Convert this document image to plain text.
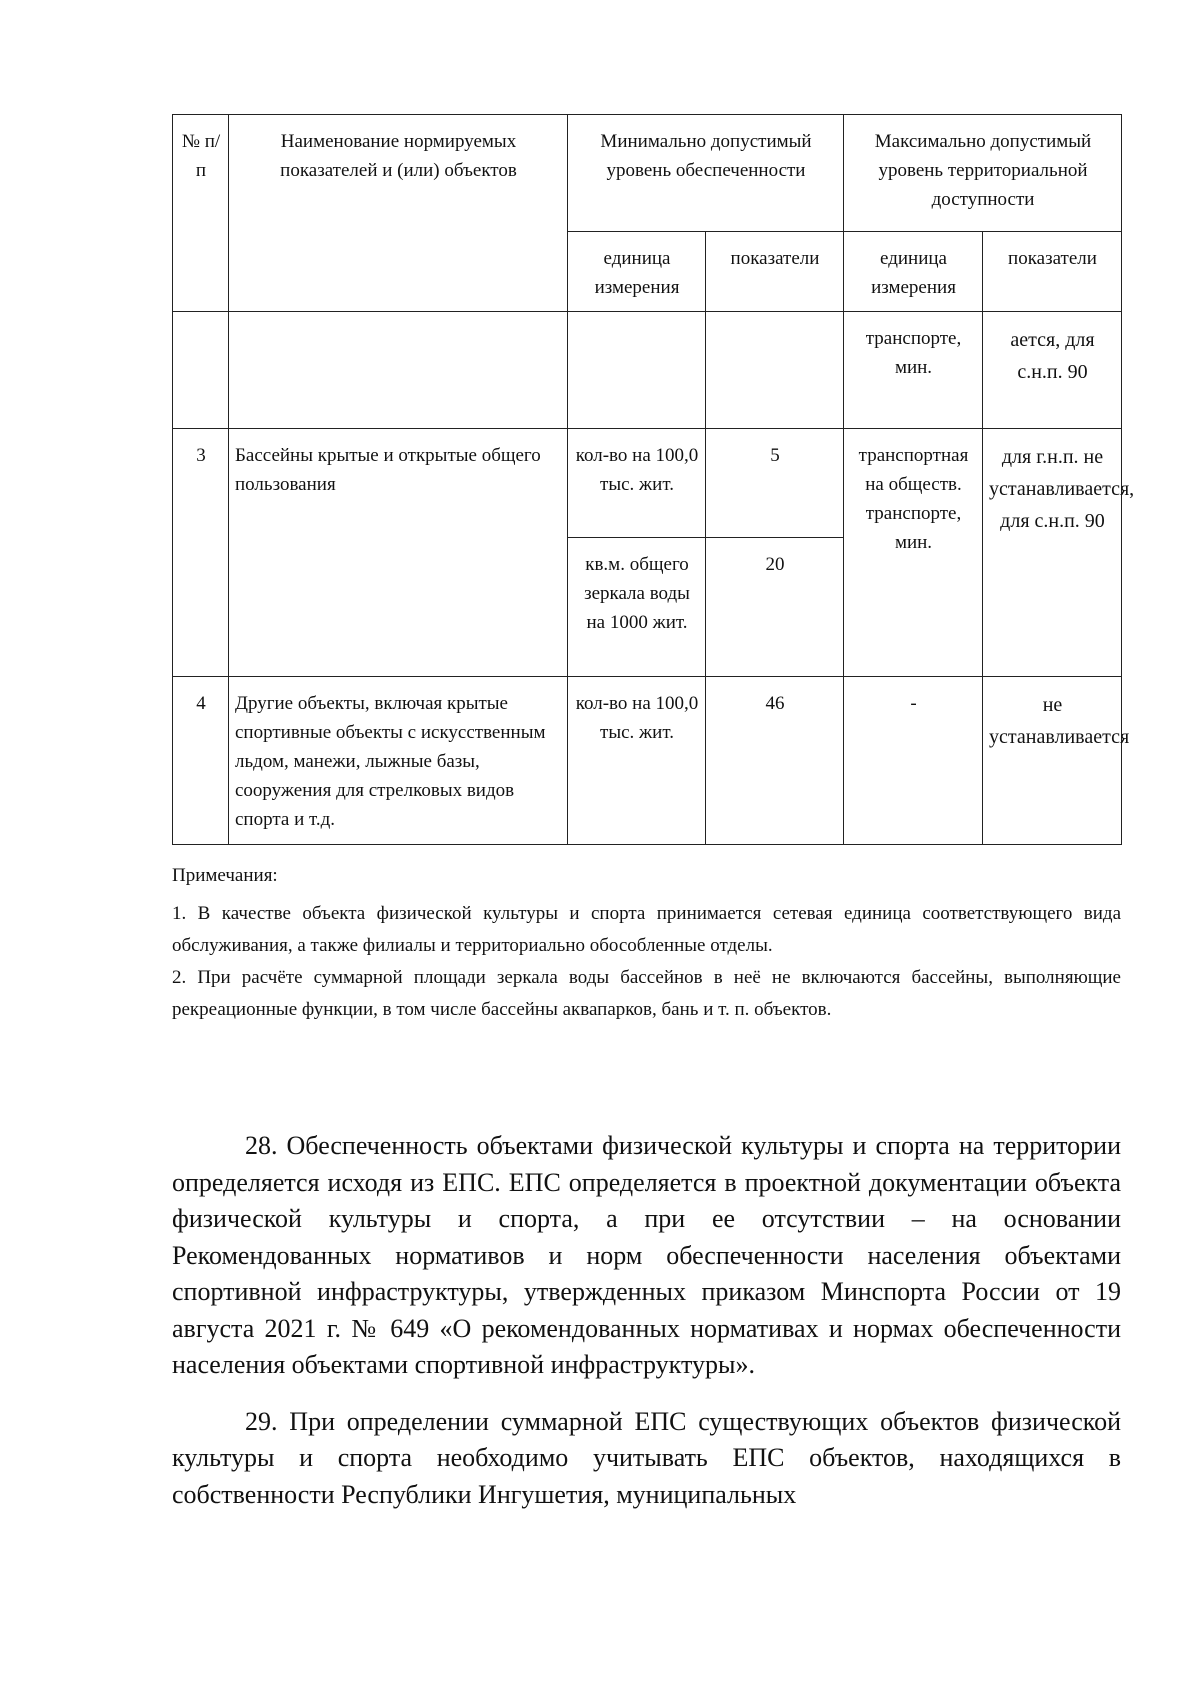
№ п/п	Наименование нормируемых показателей и (или) объектов	Минимально допустимый уровень обеспеченности		Максимально допустимый уровень территориальной доступности	
		единица измерения	показатели	единица измерения	показатели
				транспорте, мин.	ается, для с.н.п. 90
3	Бассейны крытые и открытые общего пользования	кол-во на 100,0 тыс. жит.	5	транспортная на обществ. транспорте, мин.	для г.н.п. не устанавливается, для с.н.п. 90
		кв.м. общего зеркала воды на 1000 жит.	20		
4	Другие объекты, включая крытые спортивные объекты с искусственным льдом, манежи, лыжные базы, сооружения для стрелковых видов спорта и т.д.	кол-во на 100,0 тыс. жит.	46	-	не устанавливается

Примечания:

1. В качестве объекта физической культуры и спорта принимается сетевая единица соответствующего вида обслуживания, а также филиалы и территориально обособленные отделы.

2. При расчёте суммарной площади зеркала воды бассейнов в неё не включаются бассейны, выполняющие рекреационные функции, в том числе бассейны аквапарков, бань и т. п. объектов.

28. Обеспеченность объектами физической культуры и спорта на территории определяется исходя из ЕПС. ЕПС определяется в проектной документации объекта физической культуры и спорта, а при ее отсутствии – на основании Рекомендованных нормативов и норм обеспеченности населения объектами спортивной инфраструктуры, утвержденных приказом Минспорта России от 19 августа 2021 г. № 649 «О рекомендованных нормативах и нормах обеспеченности населения объектами спортивной инфраструктуры».

29. При определении суммарной ЕПС существующих объектов физической культуры и спорта необходимо учитывать ЕПС объектов, находящихся в собственности Республики Ингушетия, муниципальных
